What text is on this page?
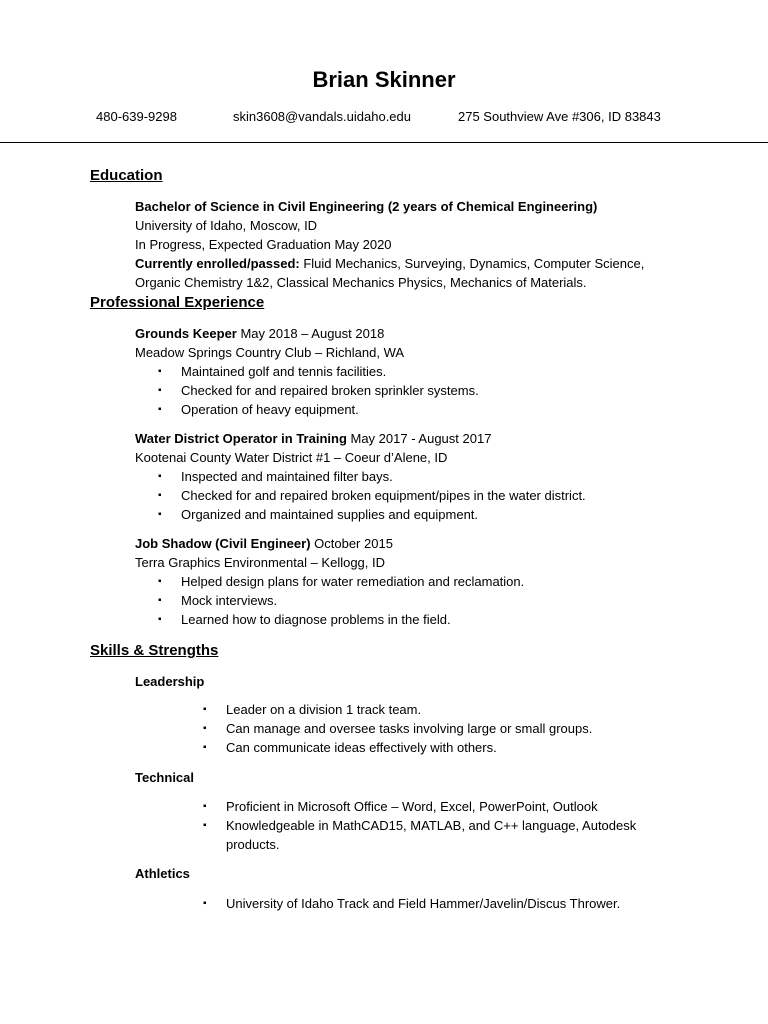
Brian Skinner
480-639-9298	skin3608@vandals.uidaho.edu	275 Southview Ave #306, ID 83843
Education
Bachelor of Science in Civil Engineering (2 years of Chemical Engineering)
University of Idaho, Moscow, ID
In Progress, Expected Graduation May 2020
Currently enrolled/passed: Fluid Mechanics, Surveying, Dynamics, Computer Science,
Organic Chemistry 1&2, Classical Mechanics Physics, Mechanics of Materials.
Professional Experience
Grounds Keeper May 2018 – August 2018
Meadow Springs Country Club – Richland, WA
▪ Maintained golf and tennis facilities.
▪ Checked for and repaired broken sprinkler systems.
▪ Operation of heavy equipment.
Water District Operator in Training May 2017 - August 2017
Kootenai County Water District #1 – Coeur d’Alene, ID
▪ Inspected and maintained filter bays.
▪ Checked for and repaired broken equipment/pipes in the water district.
▪ Organized and maintained supplies and equipment.
Job Shadow (Civil Engineer) October 2015
Terra Graphics Environmental – Kellogg, ID
▪ Helped design plans for water remediation and reclamation.
▪ Mock interviews.
▪ Learned how to diagnose problems in the field.
Skills & Strengths
Leadership
▪ Leader on a division 1 track team.
▪ Can manage and oversee tasks involving large or small groups.
▪ Can communicate ideas effectively with others.
Technical
▪ Proficient in Microsoft Office – Word, Excel, PowerPoint, Outlook
▪ Knowledgeable in MathCAD15, MATLAB, and C++ language, Autodesk products.
Athletics
▪ University of Idaho Track and Field Hammer/Javelin/Discus Thrower.
